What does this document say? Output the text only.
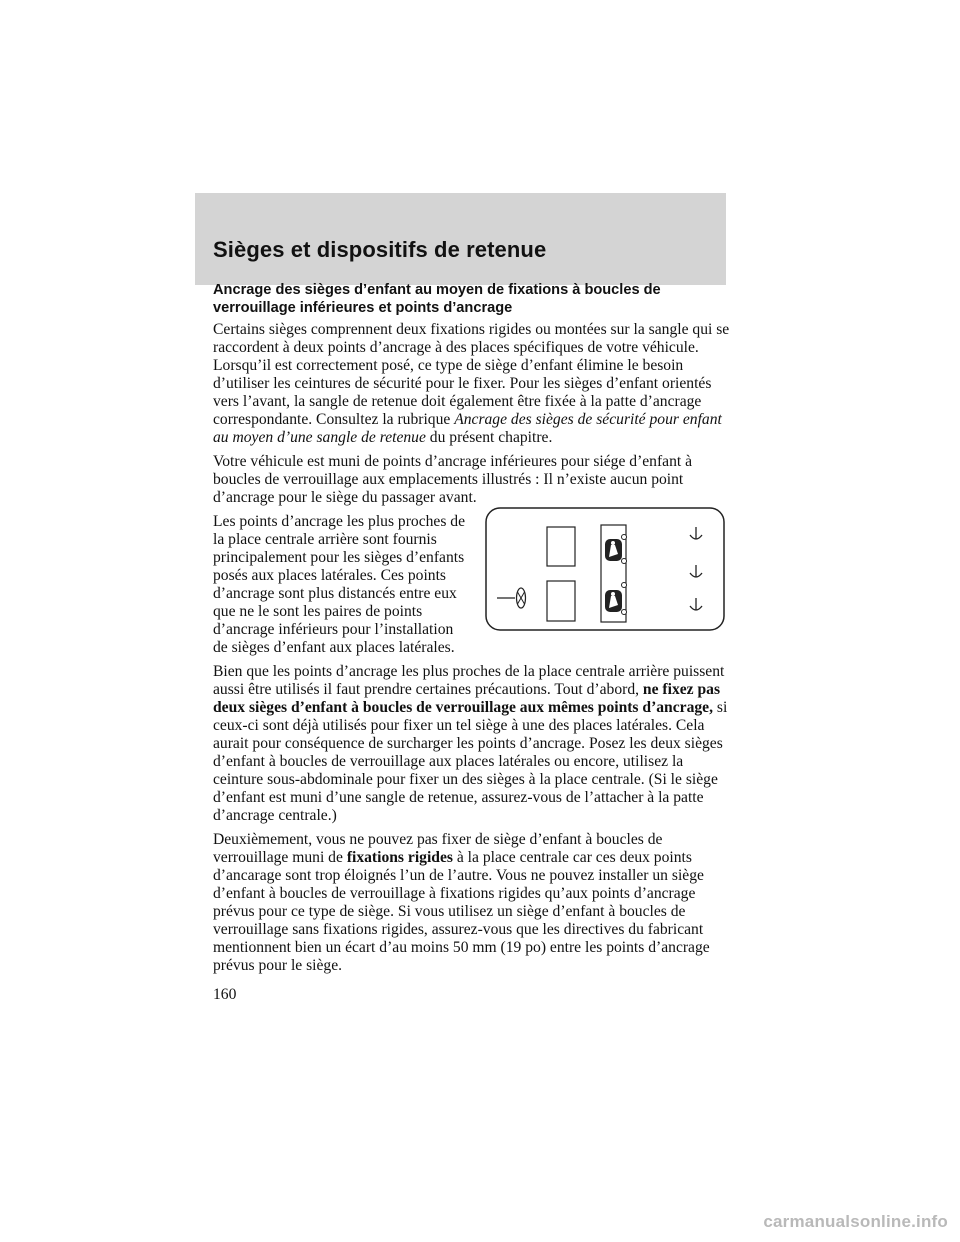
Sièges et dispositifs de retenue
Ancrage des sièges d’enfant au moyen de fixations à boucles de verrouillage inférieures et points d’ancrage

Certains sièges comprennent deux fixations rigides ou montées sur la sangle qui se raccordent à deux points d’ancrage à des places spécifiques de votre véhicule. Lorsqu’il est correctement posé, ce type de siège d’enfant élimine le besoin d’utiliser les ceintures de sécurité pour le fixer. Pour les sièges d’enfant orientés vers l’avant, la sangle de retenue doit également être fixée à la patte d’ancrage correspondante. Consultez la rubrique Ancrage des sièges de sécurité pour enfant au moyen d’une sangle de retenue du présent chapitre.

Votre véhicule est muni de points d’ancrage inférieures pour siége d’enfant à boucles de verrouillage aux emplacements illustrés : Il n’existe aucun point d’ancrage pour le siège du passager avant.

Les points d’ancrage les plus proches de la place centrale arrière sont fournis principalement pour les sièges d’enfants posés aux places latérales. Ces points d’ancrage sont plus distancés entre eux que ne le sont les paires de points d’ancrage inférieurs pour l’installation de sièges d’enfant aux places latérales.

Bien que les points d’ancrage les plus proches de la place centrale arrière puissent aussi être utilisés il faut prendre certaines précautions. Tout d’abord, ne fixez pas deux sièges d’enfant à boucles de verrouillage aux mêmes points d’ancrage, si ceux-ci sont déjà utilisés pour fixer un tel siège à une des places latérales. Cela aurait pour conséquence de surcharger les points d’ancrage. Posez les deux sièges d’enfant à boucles de verrouillage aux places latérales ou encore, utilisez la ceinture sous-abdominale pour fixer un des sièges à la place centrale. (Si le siège d’enfant est muni d’une sangle de retenue, assurez-vous de l’attacher à la patte d’ancrage centrale.)

Deuxièmement, vous ne pouvez pas fixer de siège d’enfant à boucles de verrouillage muni de fixations rigides à la place centrale car ces deux points d’ancarage sont trop éloignés l’un de l’autre. Vous ne pouvez installer un siège d’enfant à boucles de verrouillage à fixations rigides qu’aux points d’ancrage prévus pour ce type de siège. Si vous utilisez un siège d’enfant à boucles de verrouillage sans fixations rigides, assurez-vous que les directives du fabricant mentionnent bien un écart d’au moins 50 mm (19 po) entre les points d’ancrage prévus pour le siège.

160
carmanualsonline.info
